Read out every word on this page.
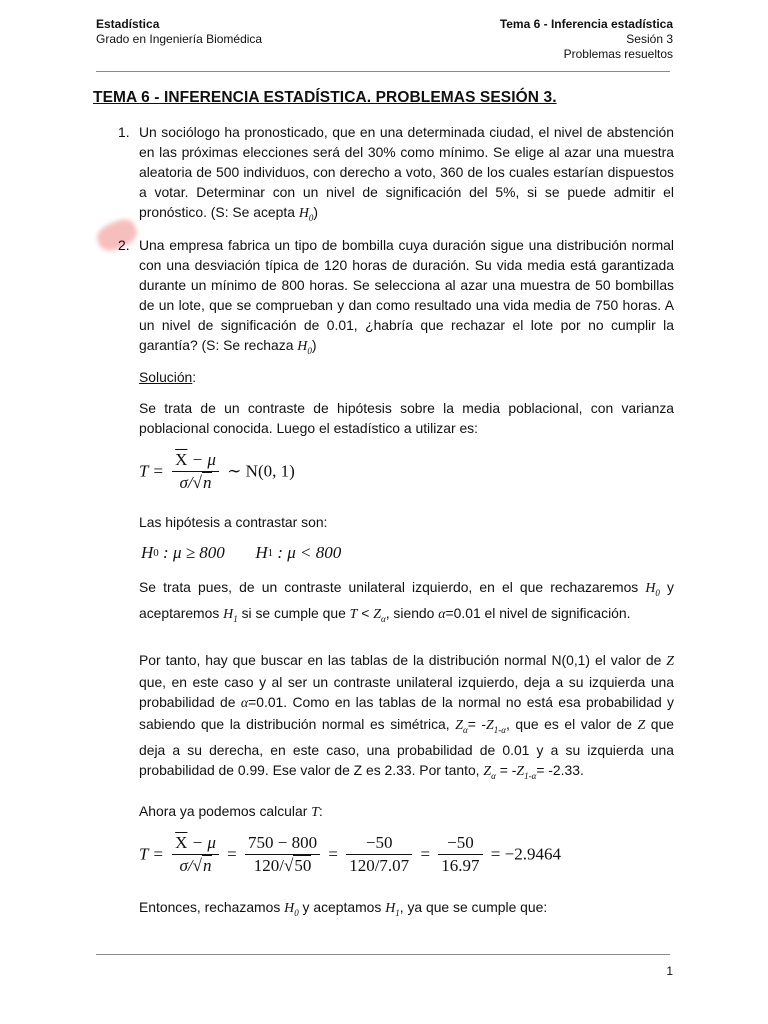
Estadística
Grado en Ingeniería Biomédica
Tema 6 - Inferencia estadística
Sesión 3
Problemas resueltos
TEMA 6 - INFERENCIA ESTADÍSTICA. PROBLEMAS SESIÓN 3.
1. Un sociólogo ha pronosticado, que en una determinada ciudad, el nivel de abstención en las próximas elecciones será del 30% como mínimo. Se elige al azar una muestra aleatoria de 500 individuos, con derecho a voto, 360 de los cuales estarían dispuestos a votar. Determinar con un nivel de significación del 5%, si se puede admitir el pronóstico. (S: Se acepta $H_0$)
2. Una empresa fabrica un tipo de bombilla cuya duración sigue una distribución normal con una desviación típica de 120 horas de duración. Su vida media está garantizada durante un mínimo de 800 horas. Se selecciona al azar una muestra de 50 bombillas de un lote, que se comprueban y dan como resultado una vida media de 750 horas. A un nivel de significación de 0.01, ¿habría que rechazar el lote por no cumplir la garantía? (S: Se rechaza $H_0$)
Solución:
Se trata de un contraste de hipótesis sobre la media poblacional, con varianza poblacional conocida. Luego el estadístico a utilizar es:
$T = \frac{\overline{X} - \mu}{\sigma/√n}$ ∼ N(0, 1)
Las hipótesis a contrastar son:
H0 : μ ≥ 800 H1 : μ < 800
Se trata pues, de un contraste unilateral izquierdo, en el que rechazaremos $H_0$ y aceptaremos $H_1$ si se cumple que $T < Z_\alpha$, siendo α=0.01 el nivel de significación.
Por tanto, hay que buscar en las tablas de la distribución normal N(0,1) el valor de Z que, en este caso y al ser un contraste unilateral izquierdo, deja a su izquierda una probabilidad de α=0.01. Como en las tablas de la normal no está esa probabilidad y sabiendo que la distribución normal es simétrica, $Z_\alpha= -Z_{1-\alpha}$, que es el valor de Z que deja a su derecha, en este caso, una probabilidad de 0.01 y a su izquierda una probabilidad de 0.99. Ese valor de Z es 2.33. Por tanto, $Z_\alpha = -Z_{1-\alpha}= -2.33$.
Ahora ya podemos calcular T:
$T = \frac{\overline{X} - \mu}{\sigma/√n} = \frac{750 - 800}{120/√50} = \frac{-50}{120/7.07} = \frac{-50}{16.97} = -2.9464$
Entonces, rechazamos $H_0$ y aceptamos $H_1$, ya que se cumple que:
1
